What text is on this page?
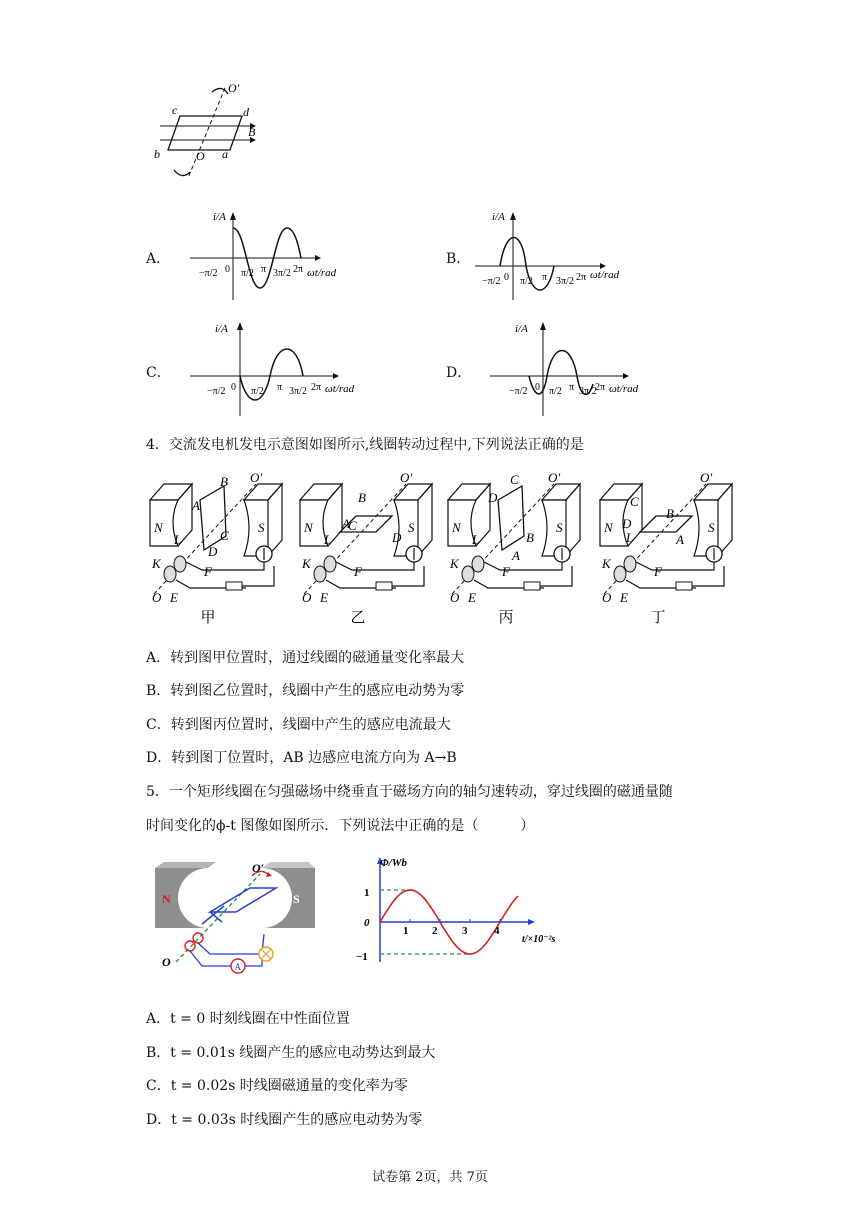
O′
c	d
B
b	O a
A．	B．
C．	D．
i/A
ωt/rad
−π/2 0 π/2 π 3π/2 2π
i/A
ωt/rad
−π/2 0 π/2 π 3π/2 2π
i/A
ωt/rad
−π/2 0 π/2 π 3π/2 2π
i/A
ωt/rad
−π/2 0 π/2 π 3π/2
2π
4．交流发电机发电示意图如图所示,线圈转动过程中,下列说法正确的是
B O′
N
A
L	C
D
S
K
F
O E
甲
B
O′
N A
L
C
D
S
K
F
O E
乙
C O′
N
D
L
A
B
S
K
F
O E
丙
O′
N
C
D
L	A
B
S
K
F
O E
丁
A．转到图甲位置时，通过线圈的磁通量变化率最大
B．转到图乙位置时，线圈中产生的感应电动势为零
C．转到图丙位置时，线圈中产生的感应电流最大
D．转到图丁位置时，AB 边感应电流方向为 A→B
5．一个矩形线圈在匀强磁场中绕垂直于磁场方向的轴匀速转动，穿过线圈的磁通量随
时间变化的ϕ-t 图像如图所示．下列说法中正确的是（　　　）
N	S
A
O′
O
Φ/Wb
t/×10⁻²s
1
0
−1
1 2 3 4
A．t = 0 时刻线圈在中性面位置
B．t = 0.01s 线圈产生的感应电动势达到最大
C．t = 0.02s 时线圈磁通量的变化率为零
D．t = 0.03s 时线圈产生的感应电动势为零
试卷第 2页，共 7页
